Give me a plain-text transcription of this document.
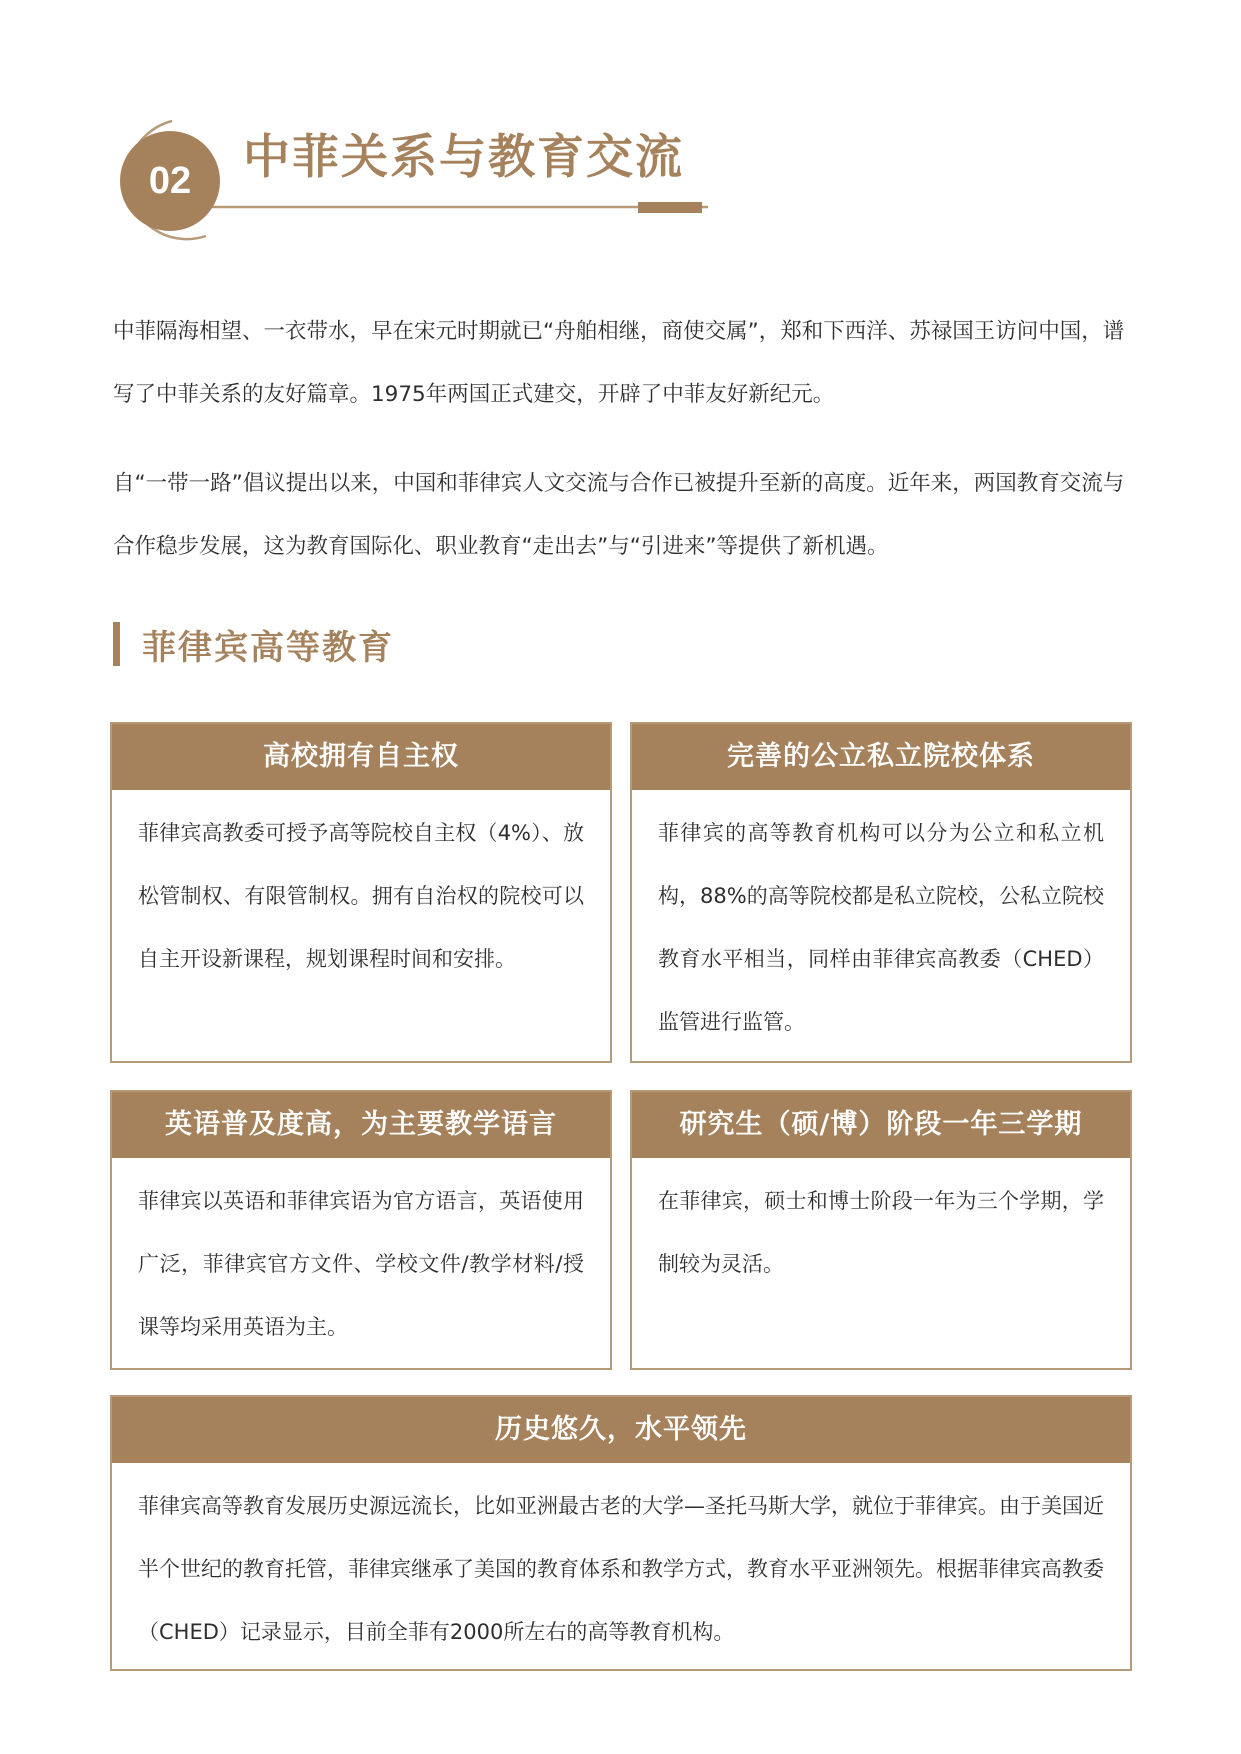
02	中菲关系与教育交流

中菲隔海相望、一衣带水，早在宋元时期就已“舟舶相继，商使交属”，郑和下西洋、苏禄国王访问中国，谱写了中菲关系的友好篇章。1975年两国正式建交，开辟了中菲友好新纪元。

自“一带一路”倡议提出以来，中国和菲律宾人文交流与合作已被提升至新的高度。近年来，两国教育交流与合作稳步发展，这为教育国际化、职业教育“走出去”与“引进来”等提供了新机遇。

菲律宾高等教育
高校拥有自主权
菲律宾高教委可授予高等院校自主权（4%）、放松管制权、有限管制权。拥有自治权的院校可以自主开设新课程，规划课程时间和安排。
完善的公立私立院校体系
菲律宾的高等教育机构可以分为公立和私立机构，88%的高等院校都是私立院校，公私立院校教育水平相当，同样由菲律宾高教委（CHED）监管进行监管。
英语普及度高，为主要教学语言
菲律宾以英语和菲律宾语为官方语言，英语使用广泛，菲律宾官方文件、学校文件/教学材料/授课等均采用英语为主。
研究生（硕/博）阶段一年三学期
在菲律宾，硕士和博士阶段一年为三个学期，学制较为灵活。
历史悠久，水平领先
菲律宾高等教育发展历史源远流长，比如亚洲最古老的大学—圣托马斯大学，就位于菲律宾。由于美国近半个世纪的教育托管，菲律宾继承了美国的教育体系和教学方式，教育水平亚洲领先。根据菲律宾高教委（CHED）记录显示，目前全菲有2000所左右的高等教育机构。
